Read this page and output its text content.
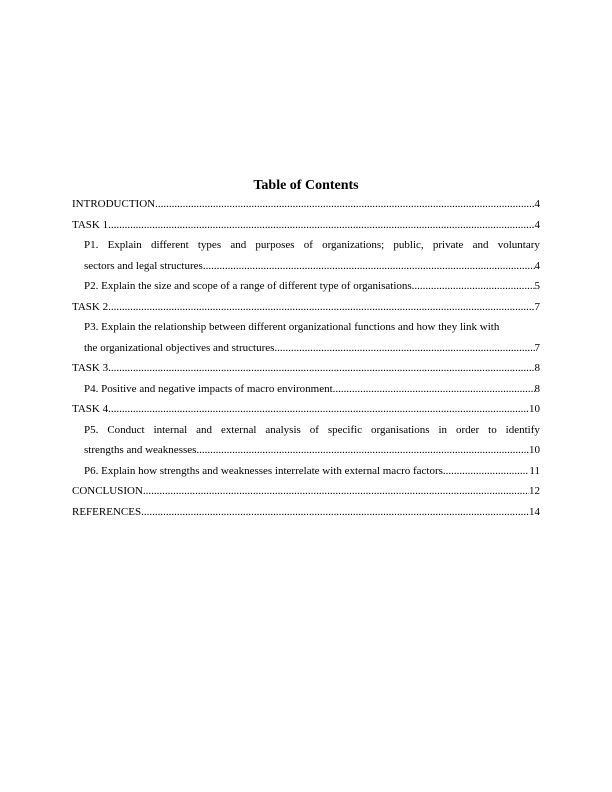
Table of Contents
INTRODUCTION .....	4
TASK 1 .....	4
P1. Explain different types and purposes of organizations; public, private and voluntary
sectors and legal structures .....	4
P2. Explain the size and scope of a range of different type of organisations .....	5
TASK 2 .....	7
P3. Explain the relationship between different organizational functions and how they link with
the organizational objectives and structures .....	7
TASK 3 .....	8
P4. Positive and negative impacts of macro environment .....	8
TASK 4 .....	10
P5. Conduct internal and external analysis of specific organisations in order to identify
strengths and weaknesses .....	10
P6. Explain how strengths and weaknesses interrelate with external macro factors .....	11
CONCLUSION .....	12
REFERENCES .....	14
